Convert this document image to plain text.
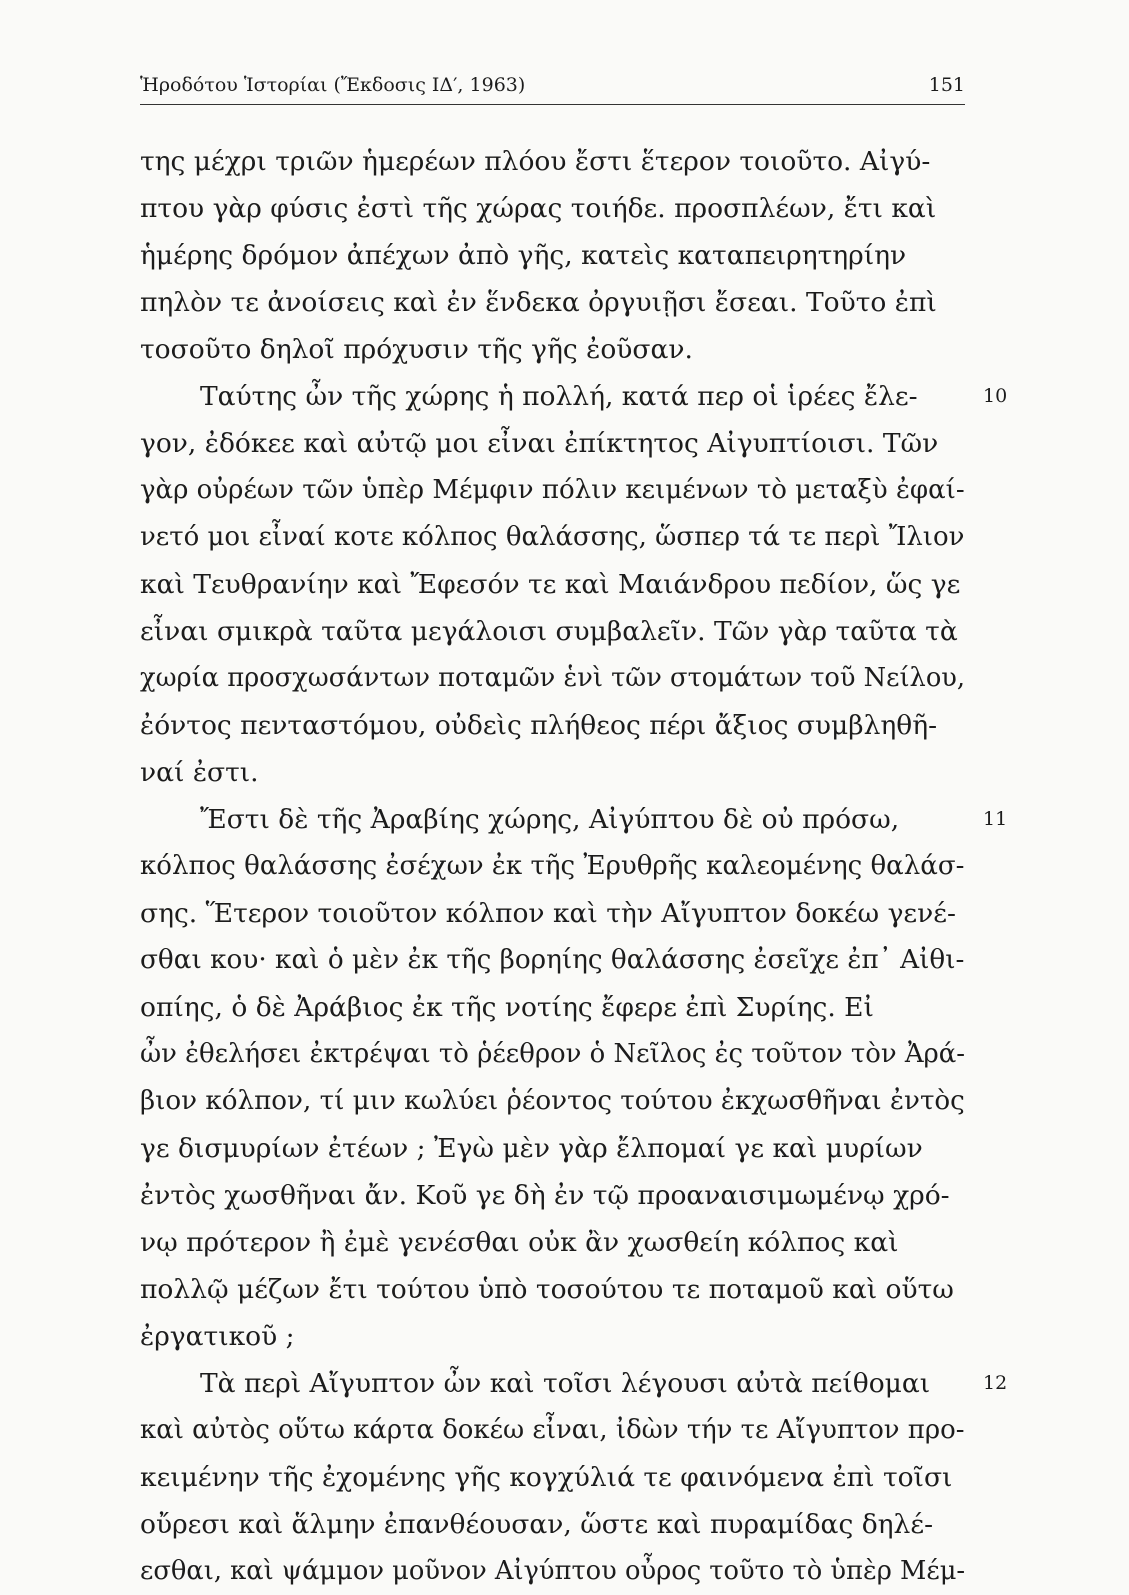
Ἡροδότου Ἱστορίαι (Ἔκδοσις ΙΔ′, 1963)	151
της μέχρι τριῶν ἡμερέων πλόου ἔστι ἕτερον τοιοῦτο. Αἰγύ-
πτου γὰρ φύσις ἐστὶ τῆς χώρας τοιήδε. προσπλέων, ἔτι καὶ
ἡμέρης δρόμον ἀπέχων ἀπὸ γῆς, κατεὶς καταπειρητηρίην
πηλὸν τε ἀνοίσεις καὶ ἐν ἕνδεκα ὀργυιῇσι ἔσεαι. Τοῦτο ἐπὶ
τοσοῦτο δηλοῖ πρόχυσιν τῆς γῆς ἐοῦσαν.
Ταύτης ὦν τῆς χώρης ἡ πολλή, κατά περ οἱ ἱρέες ἔλε-	10
γον, ἐδόκεε καὶ αὐτῷ μοι εἶναι ἐπίκτητος Αἰγυπτίοισι. Τῶν
γὰρ οὐρέων τῶν ὑπὲρ Μέμφιν πόλιν κειμένων τὸ μεταξὺ ἐφαί-
νετό μοι εἶναί κοτε κόλπος θαλάσσης, ὥσπερ τά τε περὶ Ἴλιον
καὶ Τευθρανίην καὶ Ἔφεσόν τε καὶ Μαιάνδρου πεδίον, ὥς γε
εἶναι σμικρὰ ταῦτα μεγάλοισι συμβαλεῖν. Τῶν γὰρ ταῦτα τὰ
χωρία προσχωσάντων ποταμῶν ἑνὶ τῶν στομάτων τοῦ Νείλου,
ἐόντος πενταστόμου, οὐδεὶς πλήθεος πέρι ἄξιος συμβληθῆ-
ναί ἐστι.
Ἔστι δὲ τῆς Ἀραβίης χώρης, Αἰγύπτου δὲ οὐ πρόσω,	11
κόλπος θαλάσσης ἐσέχων ἐκ τῆς Ἐρυθρῆς καλεομένης θαλάσ-
σης. Ἕτερον τοιοῦτον κόλπον καὶ τὴν Αἴγυπτον δοκέω γενέ-
σθαι κου· καὶ ὁ μὲν ἐκ τῆς βορηίης θαλάσσης ἐσεῖχε ἐπ᾽ Αἰθι-
οπίης, ὁ δὲ Ἀράβιος ἐκ τῆς νοτίης ἔφερε ἐπὶ Συρίης. Εἰ
ὦν ἐθελήσει ἐκτρέψαι τὸ ῥέεθρον ὁ Νεῖλος ἐς τοῦτον τὸν Ἀρά-
βιον κόλπον, τί μιν κωλύει ῥέοντος τούτου ἐκχωσθῆναι ἐντὸς
γε δισμυρίων ἐτέων ; Ἐγὼ μὲν γὰρ ἔλπομαί γε καὶ μυρίων
ἐντὸς χωσθῆναι ἄν. Κοῦ γε δὴ ἐν τῷ προαναισιμωμένῳ χρό-
νῳ πρότερον ἢ ἐμὲ γενέσθαι οὐκ ἂν χωσθείη κόλπος καὶ
πολλῷ μέζων ἔτι τούτου ὑπὸ τοσούτου τε ποταμοῦ καὶ οὕτω
ἐργατικοῦ ;
Τὰ περὶ Αἴγυπτον ὦν καὶ τοῖσι λέγουσι αὐτὰ πείθομαι	12
καὶ αὐτὸς οὕτω κάρτα δοκέω εἶναι, ἰδὼν τήν τε Αἴγυπτον προ-
κειμένην τῆς ἐχομένης γῆς κογχύλιά τε φαινόμενα ἐπὶ τοῖσι
οὔρεσι καὶ ἅλμην ἐπανθέουσαν, ὥστε καὶ πυραμίδας δηλέ-
εσθαι, καὶ ψάμμον μοῦνον Αἰγύπτου οὖρος τοῦτο τὸ ὑπὲρ Μέμ-
